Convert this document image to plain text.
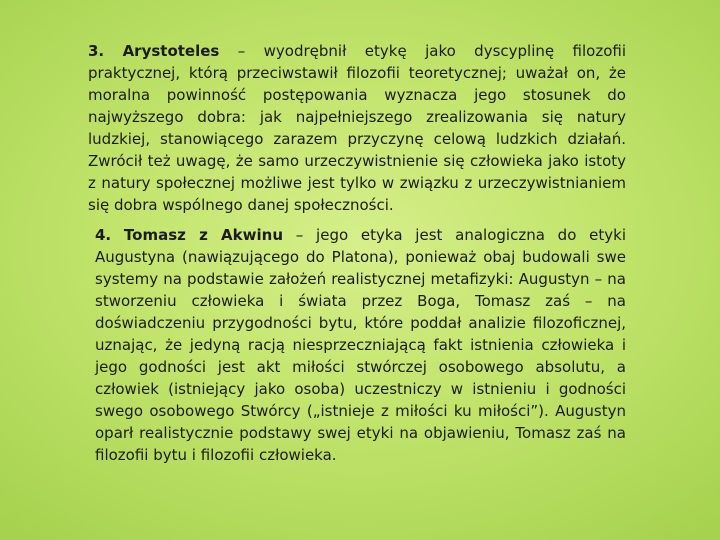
3. Arystoteles – wyodrębnił etykę jako dyscyplinę filozofii praktycznej, którą przeciwstawił filozofii teoretycznej; uważał on, że moralna powinność postępowania wyznacza jego stosunek do najwyższego dobra: jak najpełniejszego zrealizowania się natury ludzkiej, stanowiącego zarazem przyczynę celową ludzkich działań. Zwrócił też uwagę, że samo urzeczywistnienie się człowieka jako istoty z natury społecznej możliwe jest tylko w związku z urzeczywistnianiem się dobra wspólnego danej społeczności.

4. Tomasz z Akwinu – jego etyka jest analogiczna do etyki Augustyna (nawiązującego do Platona), ponieważ obaj budowali swe systemy na podstawie założeń realistycznej metafizyki: Augustyn – na stworzeniu człowieka i świata przez Boga, Tomasz zaś – na doświadczeniu przygodności bytu, które poddał analizie filozoficznej, uznając, że jedyną racją niesprzeczniającą fakt istnienia człowieka i jego godności jest akt miłości stwórczej osobowego absolutu, a człowiek (istniejący jako osoba) uczestniczy w istnieniu i godności swego osobowego Stwórcy („istnieje z miłości ku miłości”). Augustyn oparł realistycznie podstawy swej etyki na objawieniu, Tomasz zaś na filozofii bytu i filozofii człowieka.
